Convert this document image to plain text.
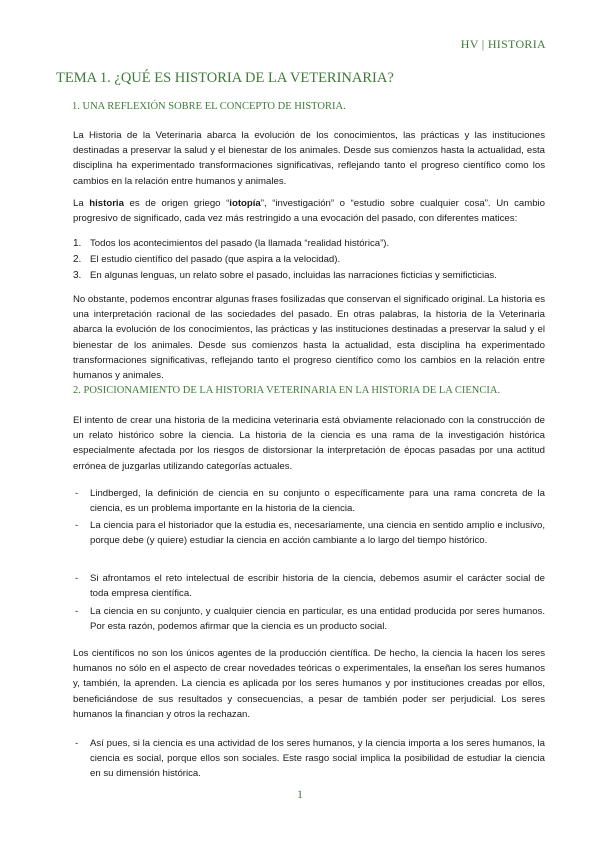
HV | HISTORIA
TEMA 1. ¿QUÉ ES HISTORIA DE LA VETERINARIA?
1. UNA REFLEXIÓN SOBRE EL CONCEPTO DE HISTORIA.

La Historia de la Veterinaria abarca la evolución de los conocimientos, las prácticas y las instituciones destinadas a preservar la salud y el bienestar de los animales. Desde sus comienzos hasta la actualidad, esta disciplina ha experimentado transformaciones significativas, reflejando tanto el progreso científico como los cambios en la relación entre humanos y animales.

La historia es de origen griego “iotopía”, “investigación” o “estudio sobre cualquier cosa”. Un cambio progresivo de significado, cada vez más restringido a una evocación del pasado, con diferentes matices:

1. Todos los acontecimientos del pasado (la llamada “realidad histórica”).

2. El estudio científico del pasado (que aspira a la velocidad).

3. En algunas lenguas, un relato sobre el pasado, incluidas las narraciones ficticias y semificticias.

No obstante, podemos encontrar algunas frases fosilizadas que conservan el significado original. La historia es una interpretación racional de las sociedades del pasado. En otras palabras, la historia de la Veterinaria abarca la evolución de los conocimientos, las prácticas y las instituciones destinadas a preservar la salud y el bienestar de los animales. Desde sus comienzos hasta la actualidad, esta disciplina ha experimentado transformaciones significativas, reflejando tanto el progreso científico como los cambios en la relación entre humanos y animales.

2. POSICIONAMIENTO DE LA HISTORIA VETERINARIA EN LA HISTORIA DE LA CIENCIA.

El intento de crear una historia de la medicina veterinaria está obviamente relacionado con la construcción de un relato histórico sobre la ciencia. La historia de la ciencia es una rama de la investigación histórica especialmente afectada por los riesgos de distorsionar la interpretación de épocas pasadas por una actitud errónea de juzgarlas utilizando categorías actuales.

- Lindberged, la definición de ciencia en su conjunto o específicamente para una rama concreta de la ciencia, es un problema importante en la historia de la ciencia.

- La ciencia para el historiador que la estudia es, necesariamente, una ciencia en sentido amplio e inclusivo, porque debe (y quiere) estudiar la ciencia en acción cambiante a lo largo del tiempo histórico.

- Si afrontamos el reto intelectual de escribir historia de la ciencia, debemos asumir el carácter social de toda empresa científica.

- La ciencia en su conjunto, y cualquier ciencia en particular, es una entidad producida por seres humanos. Por esta razón, podemos afirmar que la ciencia es un producto social.

Los científicos no son los únicos agentes de la producción científica. De hecho, la ciencia la hacen los seres humanos no sólo en el aspecto de crear novedades teóricas o experimentales, la enseñan los seres humanos y, también, la aprenden. La ciencia es aplicada por los seres humanos y por instituciones creadas por ellos, beneficiándose de sus resultados y consecuencias, a pesar de también poder ser perjudicial. Los seres humanos la financian y otros la rechazan.

- Así pues, si la ciencia es una actividad de los seres humanos, y la ciencia importa a los seres humanos, la ciencia es social, porque ellos son sociales. Este rasgo social implica la posibilidad de estudiar la ciencia en su dimensión histórica.

1
